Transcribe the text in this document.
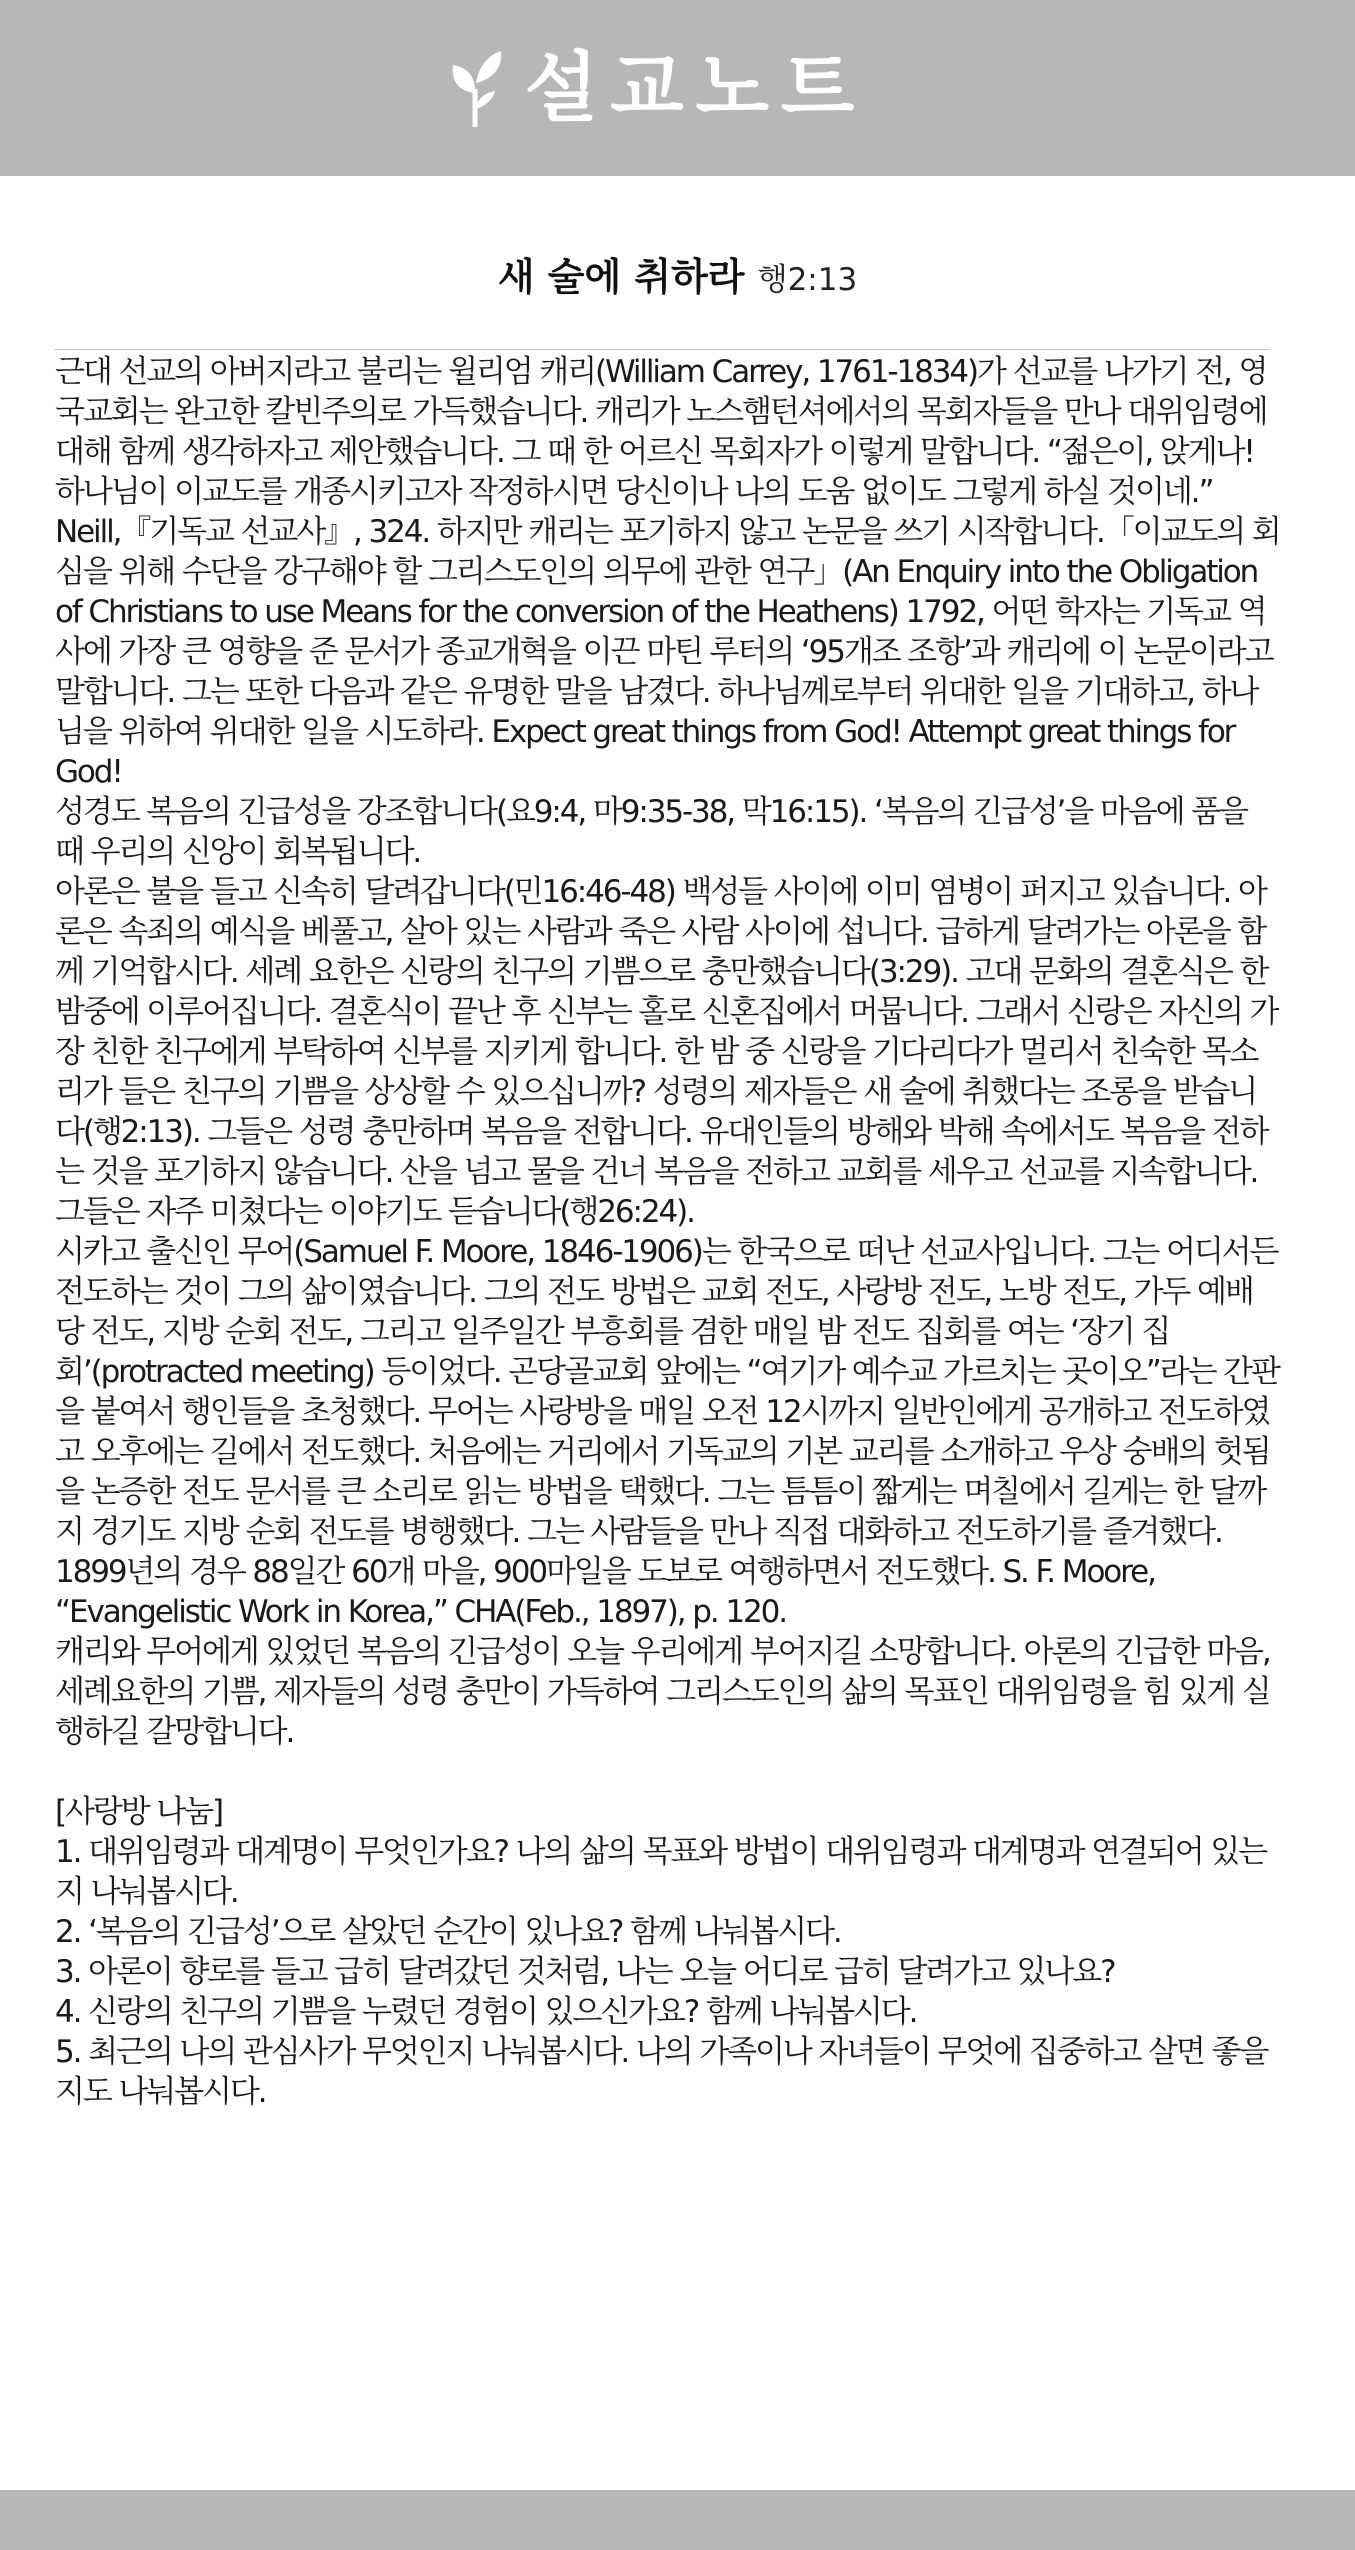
설교노트
새 술에 취하라 행2:13

근대 선교의 아버지라고 불리는 윌리엄 캐리(William Carrey, 1761-1834)가 선교를 나가기 전, 영국교회는 완고한 칼빈주의로 가득했습니다. 캐리가 노스햄턴셔에서의 목회자들을 만나 대위임령에 대해 함께 생각하자고 제안했습니다. 그 때 한 어르신 목회자가 이렇게 말합니다. “젊은이, 앉게나! 하나님이 이교도를 개종시키고자 작정하시면 당신이나 나의 도움 없이도 그렇게 하실 것이네.” Neill,『기독교 선교사』, 324. 하지만 캐리는 포기하지 않고 논문을 쓰기 시작합니다.「이교도의 회심을 위해 수단을 강구해야 할 그리스도인의 의무에 관한 연구」(An Enquiry into the Obligation of Christians to use Means for the conversion of the Heathens) 1792, 어떤 학자는 기독교 역사에 가장 큰 영향을 준 문서가 종교개혁을 이끈 마틴 루터의 ‘95개조 조항’과 캐리에 이 논문이라고 말합니다. 그는 또한 다음과 같은 유명한 말을 남겼다. 하나님께로부터 위대한 일을 기대하고, 하나님을 위하여 위대한 일을 시도하라. Expect great things from God! Attempt great things for God!

성경도 복음의 긴급성을 강조합니다(요9:4, 마9:35-38, 막16:15). ‘복음의 긴급성’을 마음에 품을 때 우리의 신앙이 회복됩니다.

아론은 불을 들고 신속히 달려갑니다(민16:46-48) 백성들 사이에 이미 염병이 퍼지고 있습니다. 아론은 속죄의 예식을 베풀고, 살아 있는 사람과 죽은 사람 사이에 섭니다. 급하게 달려가는 아론을 함께 기억합시다. 세례 요한은 신랑의 친구의 기쁨으로 충만했습니다(3:29). 고대 문화의 결혼식은 한밤중에 이루어집니다. 결혼식이 끝난 후 신부는 홀로 신혼집에서 머뭅니다. 그래서 신랑은 자신의 가장 친한 친구에게 부탁하여 신부를 지키게 합니다. 한 밤 중 신랑을 기다리다가 멀리서 친숙한 목소리가 들은 친구의 기쁨을 상상할 수 있으십니까? 성령의 제자들은 새 술에 취했다는 조롱을 받습니다(행2:13). 그들은 성령 충만하며 복음을 전합니다. 유대인들의 방해와 박해 속에서도 복음을 전하는 것을 포기하지 않습니다. 산을 넘고 물을 건너 복음을 전하고 교회를 세우고 선교를 지속합니다. 그들은 자주 미쳤다는 이야기도 듣습니다(행26:24).

시카고 출신인 무어(Samuel F. Moore, 1846-1906)는 한국으로 떠난 선교사입니다. 그는 어디서든 전도하는 것이 그의 삶이였습니다. 그의 전도 방법은 교회 전도, 사랑방 전도, 노방 전도, 가두 예배당 전도, 지방 순회 전도, 그리고 일주일간 부흥회를 겸한 매일 밤 전도 집회를 여는 ‘장기 집회’(protracted meeting) 등이었다. 곤당골교회 앞에는 “여기가 예수교 가르치는 곳이오”라는 간판을 붙여서 행인들을 초청했다. 무어는 사랑방을 매일 오전 12시까지 일반인에게 공개하고 전도하였고 오후에는 길에서 전도했다. 처음에는 거리에서 기독교의 기본 교리를 소개하고 우상 숭배의 헛됨을 논증한 전도 문서를 큰 소리로 읽는 방법을 택했다. 그는 틈틈이 짧게는 며칠에서 길게는 한 달까지 경기도 지방 순회 전도를 병행했다. 그는 사람들을 만나 직접 대화하고 전도하기를 즐겨했다. 1899년의 경우 88일간 60개 마을, 900마일을 도보로 여행하면서 전도했다. S. F. Moore, “Evangelistic Work in Korea,” CHA(Feb., 1897), p. 120.

캐리와 무어에게 있었던 복음의 긴급성이 오늘 우리에게 부어지길 소망합니다. 아론의 긴급한 마음, 세례요한의 기쁨, 제자들의 성령 충만이 가득하여 그리스도인의 삶의 목표인 대위임령을 힘 있게 실행하길 갈망합니다.

[사랑방 나눔]

1. 대위임령과 대계명이 무엇인가요? 나의 삶의 목표와 방법이 대위임령과 대계명과 연결되어 있는지 나눠봅시다.

2. ‘복음의 긴급성’으로 살았던 순간이 있나요? 함께 나눠봅시다.

3. 아론이 향로를 들고 급히 달려갔던 것처럼, 나는 오늘 어디로 급히 달려가고 있나요?

4. 신랑의 친구의 기쁨을 누렸던 경험이 있으신가요? 함께 나눠봅시다.

5. 최근의 나의 관심사가 무엇인지 나눠봅시다. 나의 가족이나 자녀들이 무엇에 집중하고 살면 좋을지도 나눠봅시다.
